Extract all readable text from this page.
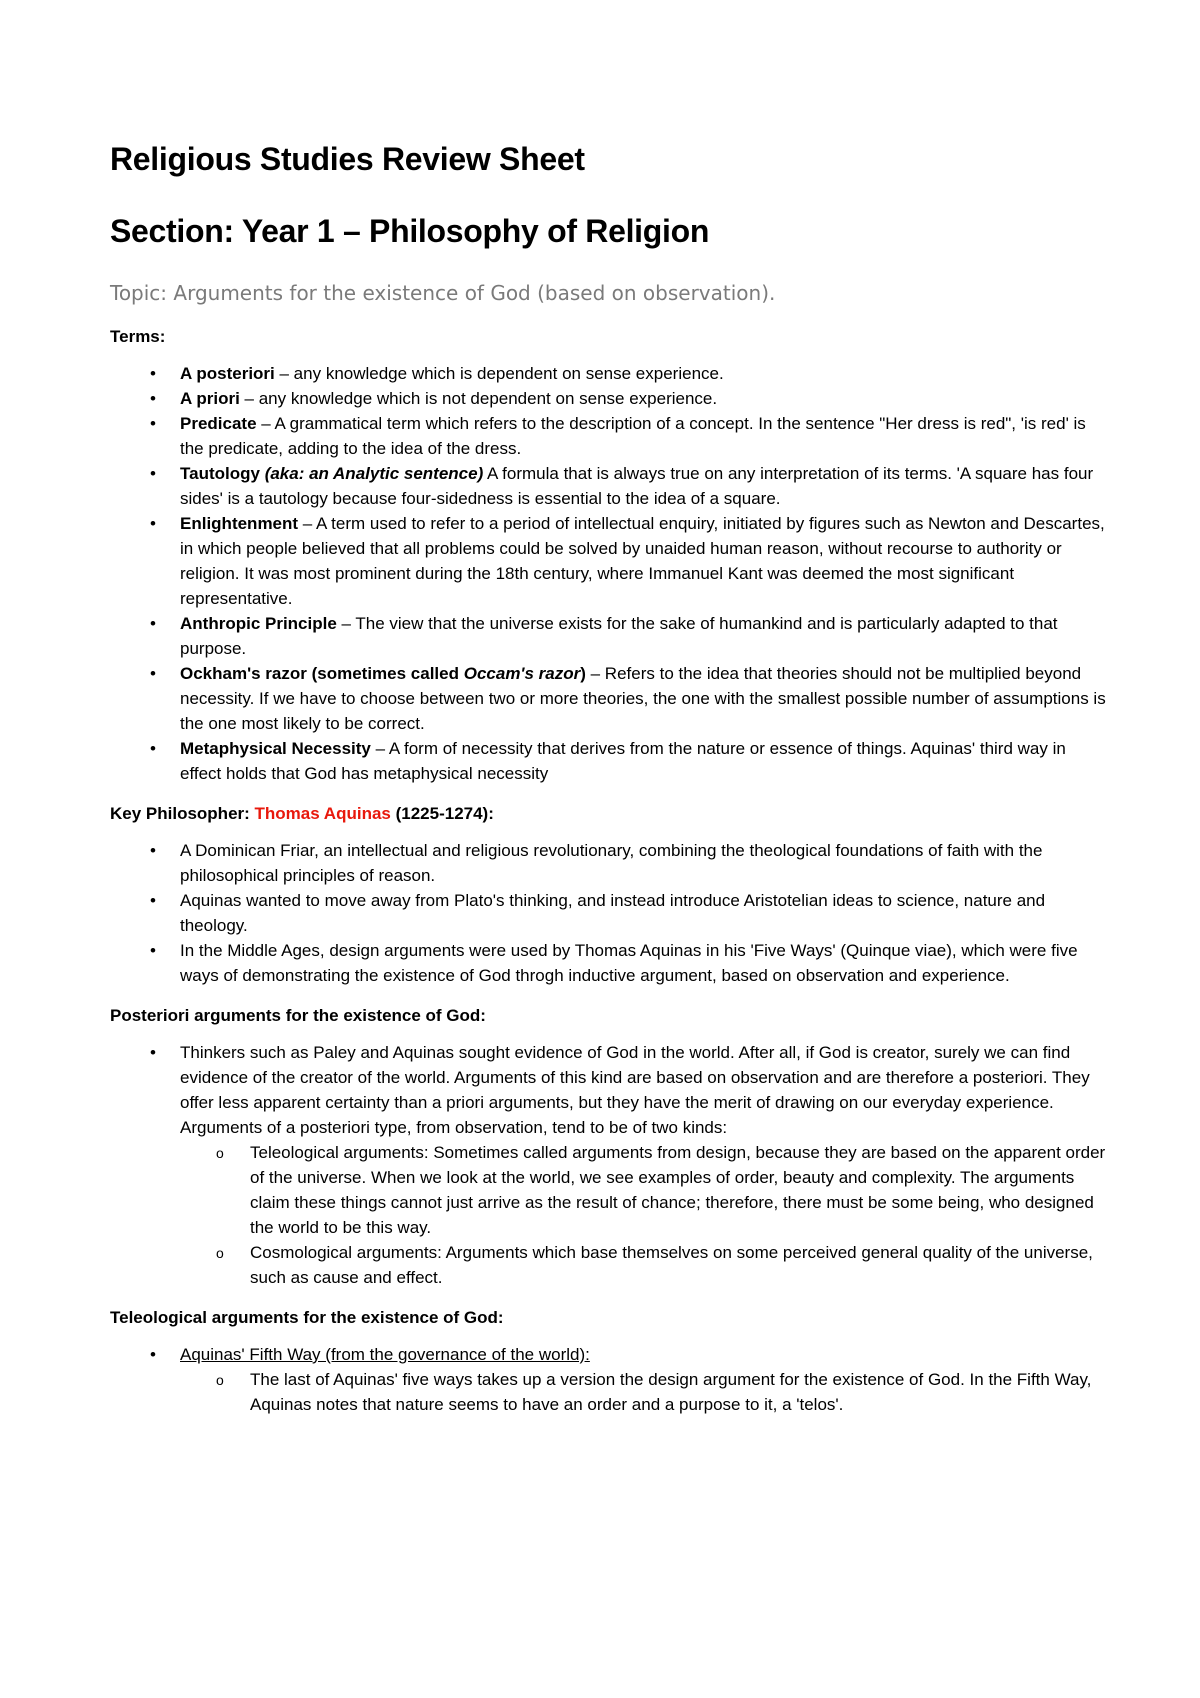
Religious Studies Review Sheet
Section: Year 1 – Philosophy of Religion
Topic: Arguments for the existence of God (based on observation).
Terms:
• A posteriori – any knowledge which is dependent on sense experience.
• A priori – any knowledge which is not dependent on sense experience.
• Predicate – A grammatical term which refers to the description of a concept. In the sentence "Her dress is red", 'is red' is the predicate, adding to the idea of the dress.
• Tautology (aka: an Analytic sentence) A formula that is always true on any interpretation of its terms. 'A square has four sides' is a tautology because four-sidedness is essential to the idea of a square.
• Enlightenment – A term used to refer to a period of intellectual enquiry, initiated by figures such as Newton and Descartes, in which people believed that all problems could be solved by unaided human reason, without recourse to authority or religion. It was most prominent during the 18th century, where Immanuel Kant was deemed the most significant representative.
• Anthropic Principle – The view that the universe exists for the sake of humankind and is particularly adapted to that purpose.
• Ockham's razor (sometimes called Occam's razor) – Refers to the idea that theories should not be multiplied beyond necessity. If we have to choose between two or more theories, the one with the smallest possible number of assumptions is the one most likely to be correct.
• Metaphysical Necessity – A form of necessity that derives from the nature or essence of things. Aquinas' third way in effect holds that God has metaphysical necessity
Key Philosopher: Thomas Aquinas (1225-1274):
• A Dominican Friar, an intellectual and religious revolutionary, combining the theological foundations of faith with the philosophical principles of reason.
• Aquinas wanted to move away from Plato's thinking, and instead introduce Aristotelian ideas to science, nature and theology.
• In the Middle Ages, design arguments were used by Thomas Aquinas in his 'Five Ways' (Quinque viae), which were five ways of demonstrating the existence of God throgh inductive argument, based on observation and experience.
Posteriori arguments for the existence of God:
• Thinkers such as Paley and Aquinas sought evidence of God in the world. After all, if God is creator, surely we can find evidence of the creator of the world. Arguments of this kind are based on observation and are therefore a posteriori. They offer less apparent certainty than a priori arguments, but they have the merit of drawing on our everyday experience. Arguments of a posteriori type, from observation, tend to be of two kinds:
o Teleological arguments: Sometimes called arguments from design, because they are based on the apparent order of the universe. When we look at the world, we see examples of order, beauty and complexity. The arguments claim these things cannot just arrive as the result of chance; therefore, there must be some being, who designed the world to be this way.
o Cosmological arguments: Arguments which base themselves on some perceived general quality of the universe, such as cause and effect.
Teleological arguments for the existence of God:
• Aquinas' Fifth Way (from the governance of the world):
o The last of Aquinas' five ways takes up a version the design argument for the existence of God. In the Fifth Way, Aquinas notes that nature seems to have an order and a purpose to it, a 'telos'.
